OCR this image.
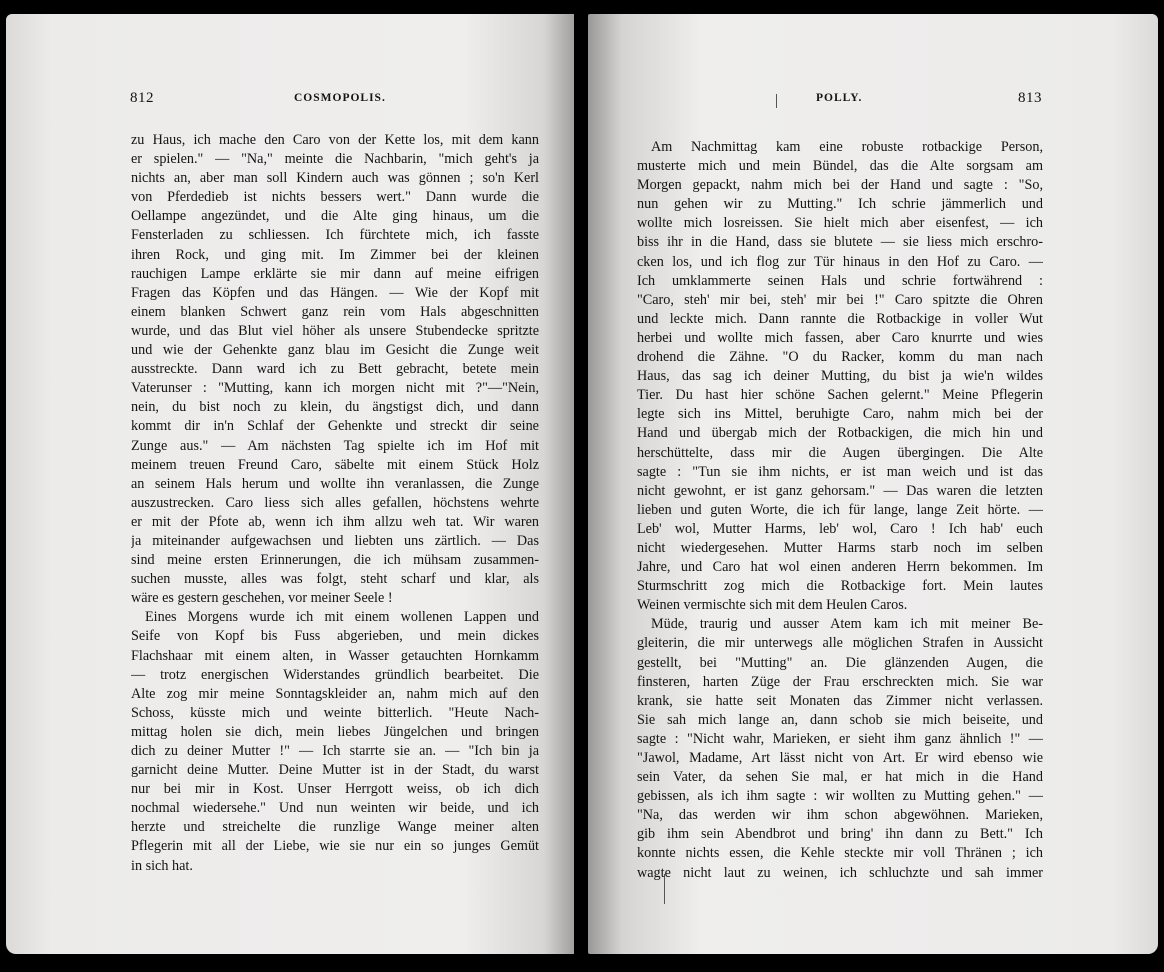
812	COSMOPOLIS.
zu Haus, ich mache den Caro von der Kette los, mit dem kann
er spielen." — "Na," meinte die Nachbarin, "mich geht's ja
nichts an, aber man soll Kindern auch was gönnen ; so'n Kerl
von Pferdedieb ist nichts bessers wert." Dann wurde die
Oellampe angezündet, und die Alte ging hinaus, um die
Fensterladen zu schliessen. Ich fürchtete mich, ich fasste
ihren Rock, und ging mit. Im Zimmer bei der kleinen
rauchigen Lampe erklärte sie mir dann auf meine eifrigen
Fragen das Köpfen und das Hängen. — Wie der Kopf mit
einem blanken Schwert ganz rein vom Hals abgeschnitten
wurde, und das Blut viel höher als unsere Stubendecke spritzte
und wie der Gehenkte ganz blau im Gesicht die Zunge weit
ausstreckte. Dann ward ich zu Bett gebracht, betete mein
Vaterunser : "Mutting, kann ich morgen nicht mit ?"—"Nein,
nein, du bist noch zu klein, du ängstigst dich, und dann
kommt dir in'n Schlaf der Gehenkte und streckt dir seine
Zunge aus." — Am nächsten Tag spielte ich im Hof mit
meinem treuen Freund Caro, säbelte mit einem Stück Holz
an seinem Hals herum und wollte ihn veranlassen, die Zunge
auszustrecken. Caro liess sich alles gefallen, höchstens wehrte
er mit der Pfote ab, wenn ich ihm allzu weh tat. Wir waren
ja miteinander aufgewachsen und liebten uns zärtlich. — Das
sind meine ersten Erinnerungen, die ich mühsam zusammen-
suchen musste, alles was folgt, steht scharf und klar, als
wäre es gestern geschehen, vor meiner Seele !
Eines Morgens wurde ich mit einem wollenen Lappen und
Seife von Kopf bis Fuss abgerieben, und mein dickes
Flachshaar mit einem alten, in Wasser getauchten Hornkamm
— trotz energischen Widerstandes gründlich bearbeitet. Die
Alte zog mir meine Sonntagskleider an, nahm mich auf den
Schoss, küsste mich und weinte bitterlich. "Heute Nach-
mittag holen sie dich, mein liebes Jüngelchen und bringen
dich zu deiner Mutter !" — Ich starrte sie an. — "Ich bin ja
garnicht deine Mutter. Deine Mutter ist in der Stadt, du warst
nur bei mir in Kost. Unser Herrgott weiss, ob ich dich
nochmal wiedersehe." Und nun weinten wir beide, und ich
herzte und streichelte die runzlige Wange meiner alten
Pflegerin mit all der Liebe, wie sie nur ein so junges Gemüt
in sich hat.
813
POLLY.
Am Nachmittag kam eine robuste rotbackige Person,
musterte mich und mein Bündel, das die Alte sorgsam am
Morgen gepackt, nahm mich bei der Hand und sagte : "So,
nun gehen wir zu Mutting." Ich schrie jämmerlich und
wollte mich losreissen. Sie hielt mich aber eisenfest, — ich
biss ihr in die Hand, dass sie blutete — sie liess mich erschro-
cken los, und ich flog zur Tür hinaus in den Hof zu Caro. —
Ich umklammerte seinen Hals und schrie fortwährend :
"Caro, steh' mir bei, steh' mir bei !" Caro spitzte die Ohren
und leckte mich. Dann rannte die Rotbackige in voller Wut
herbei und wollte mich fassen, aber Caro knurrte und wies
drohend die Zähne. "O du Racker, komm du man nach
Haus, das sag ich deiner Mutting, du bist ja wie'n wildes
Tier. Du hast hier schöne Sachen gelernt." Meine Pflegerin
legte sich ins Mittel, beruhigte Caro, nahm mich bei der
Hand und übergab mich der Rotbackigen, die mich hin und
herschüttelte, dass mir die Augen übergingen. Die Alte
sagte : "Tun sie ihm nichts, er ist man weich und ist das
nicht gewohnt, er ist ganz gehorsam." — Das waren die letzten
lieben und guten Worte, die ich für lange, lange Zeit hörte. —
Leb' wol, Mutter Harms, leb' wol, Caro ! Ich hab' euch
nicht wiedergesehen. Mutter Harms starb noch im selben
Jahre, und Caro hat wol einen anderen Herrn bekommen. Im
Sturmschritt zog mich die Rotbackige fort. Mein lautes
Weinen vermischte sich mit dem Heulen Caros.
Müde, traurig und ausser Atem kam ich mit meiner Be-
gleiterin, die mir unterwegs alle möglichen Strafen in Aussicht
gestellt, bei "Mutting" an. Die glänzenden Augen, die
finsteren, harten Züge der Frau erschreckten mich. Sie war
krank, sie hatte seit Monaten das Zimmer nicht verlassen.
Sie sah mich lange an, dann schob sie mich beiseite, und
sagte : "Nicht wahr, Marieken, er sieht ihm ganz ähnlich !" —
"Jawol, Madame, Art lässt nicht von Art. Er wird ebenso wie
sein Vater, da sehen Sie mal, er hat mich in die Hand
gebissen, als ich ihm sagte : wir wollten zu Mutting gehen." —
"Na, das werden wir ihm schon abgewöhnen. Marieken,
gib ihm sein Abendbrot und bring' ihn dann zu Bett." Ich
konnte nichts essen, die Kehle steckte mir voll Thränen ; ich
wagte nicht laut zu weinen, ich schluchzte und sah immer
